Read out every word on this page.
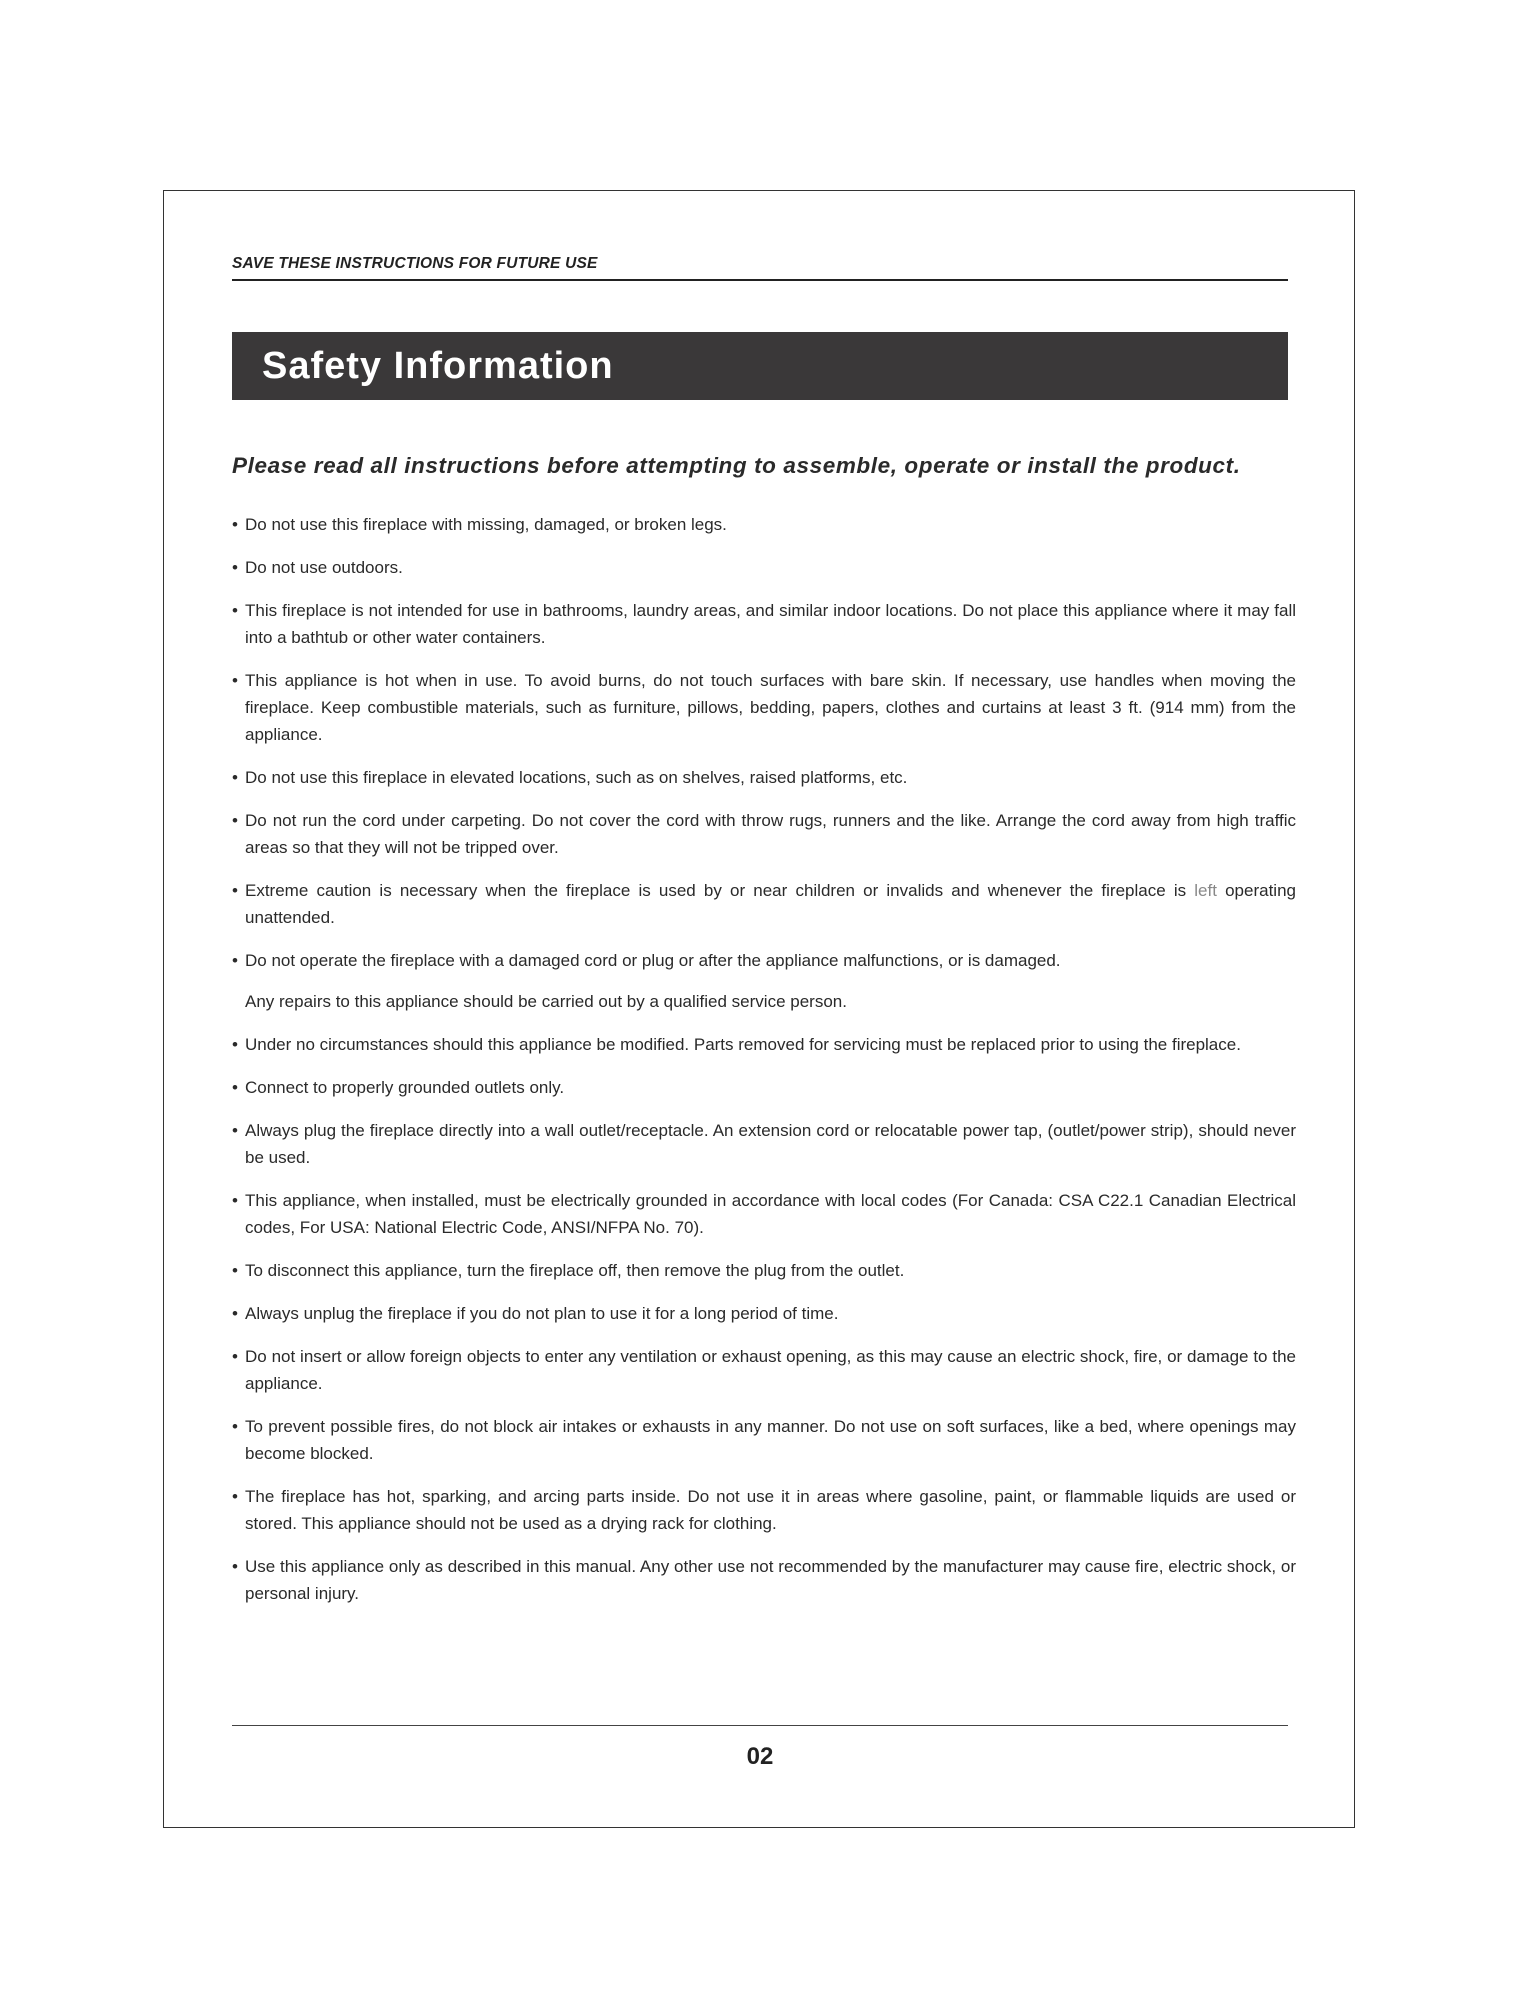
SAVE THESE INSTRUCTIONS FOR FUTURE USE
Safety Information
Please read all instructions before attempting to assemble, operate or install the product.
• Do not use this fireplace with missing, damaged, or broken legs.
• Do not use outdoors.
• This fireplace is not intended for use in bathrooms, laundry areas, and similar indoor locations. Do not place this appliance where it may fall into a bathtub or other water containers.
• This appliance is hot when in use. To avoid burns, do not touch surfaces with bare skin. If necessary, use handles when moving the fireplace. Keep combustible materials, such as furniture, pillows, bedding, papers, clothes and curtains at least 3 ft. (914 mm) from the appliance.
• Do not use this fireplace in elevated locations, such as on shelves, raised platforms, etc.
• Do not run the cord under carpeting. Do not cover the cord with throw rugs, runners and the like. Arrange the cord away from high traffic areas so that they will not be tripped over.
• Extreme caution is necessary when the fireplace is used by or near children or invalids and whenever the fireplace is left operating unattended.
• Do not operate the fireplace with a damaged cord or plug or after the appliance malfunctions, or is damaged.
Any repairs to this appliance should be carried out by a qualified service person.
• Under no circumstances should this appliance be modified. Parts removed for servicing must be replaced prior to using the fireplace.
• Connect to properly grounded outlets only.
• Always plug the fireplace directly into a wall outlet/receptacle. An extension cord or relocatable power tap, (outlet/power strip), should never be used.
• This appliance, when installed, must be electrically grounded in accordance with local codes (For Canada: CSA C22.1 Canadian Electrical codes, For USA: National Electric Code, ANSI/NFPA No. 70).
• To disconnect this appliance, turn the fireplace off, then remove the plug from the outlet.
• Always unplug the fireplace if you do not plan to use it for a long period of time.
• Do not insert or allow foreign objects to enter any ventilation or exhaust opening, as this may cause an electric shock, fire, or damage to the appliance.
• To prevent possible fires, do not block air intakes or exhausts in any manner. Do not use on soft surfaces, like a bed, where openings may become blocked.
• The fireplace has hot, sparking, and arcing parts inside. Do not use it in areas where gasoline, paint, or flammable liquids are used or stored. This appliance should not be used as a drying rack for clothing.
• Use this appliance only as described in this manual. Any other use not recommended by the manufacturer may cause fire, electric shock, or personal injury.
02
